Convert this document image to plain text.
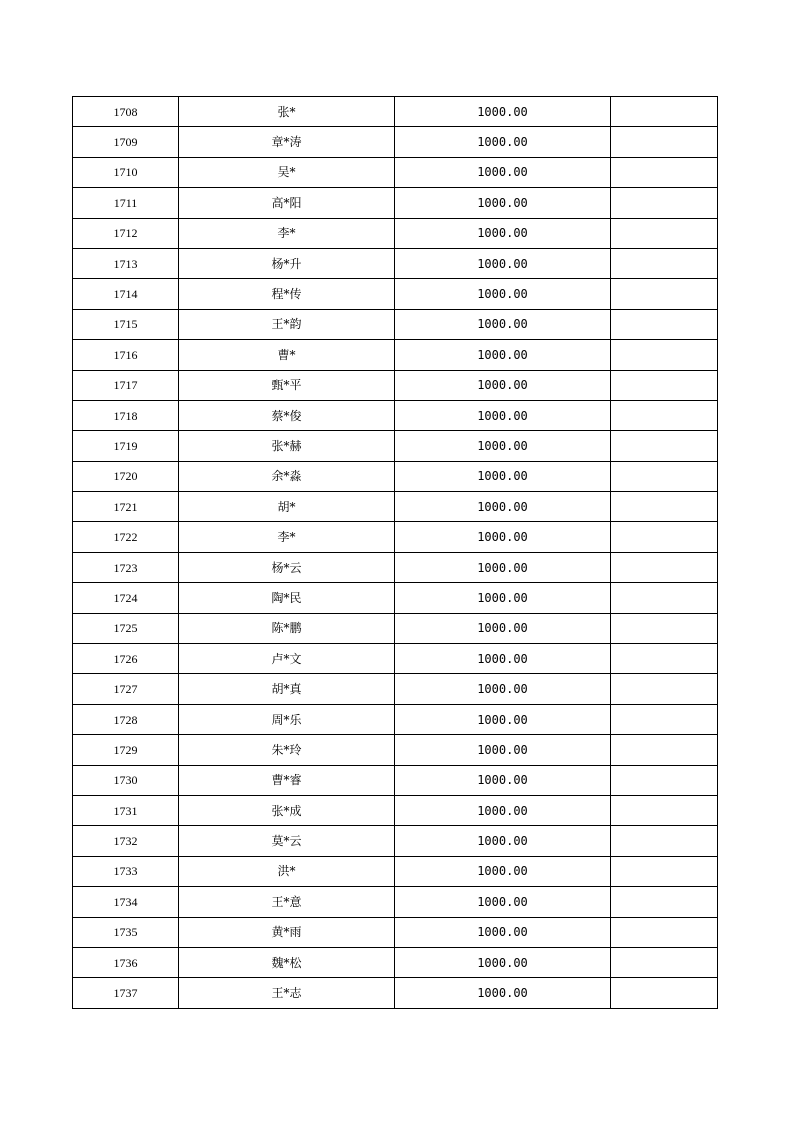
1708	张*	1000.00	
1709	章*涛	1000.00	
1710	吴*	1000.00	
1711	高*阳	1000.00	
1712	李*	1000.00	
1713	杨*升	1000.00	
1714	程*传	1000.00	
1715	王*韵	1000.00	
1716	曹*	1000.00	
1717	甄*平	1000.00	
1718	蔡*俊	1000.00	
1719	张*赫	1000.00	
1720	余*淼	1000.00	
1721	胡*	1000.00	
1722	李*	1000.00	
1723	杨*云	1000.00	
1724	陶*民	1000.00	
1725	陈*鹏	1000.00	
1726	卢*文	1000.00	
1727	胡*真	1000.00	
1728	周*乐	1000.00	
1729	朱*玲	1000.00	
1730	曹*睿	1000.00	
1731	张*成	1000.00	
1732	莫*云	1000.00	
1733	洪*	1000.00	
1734	王*意	1000.00	
1735	黄*雨	1000.00	
1736	魏*松	1000.00	
1737	王*志	1000.00	
